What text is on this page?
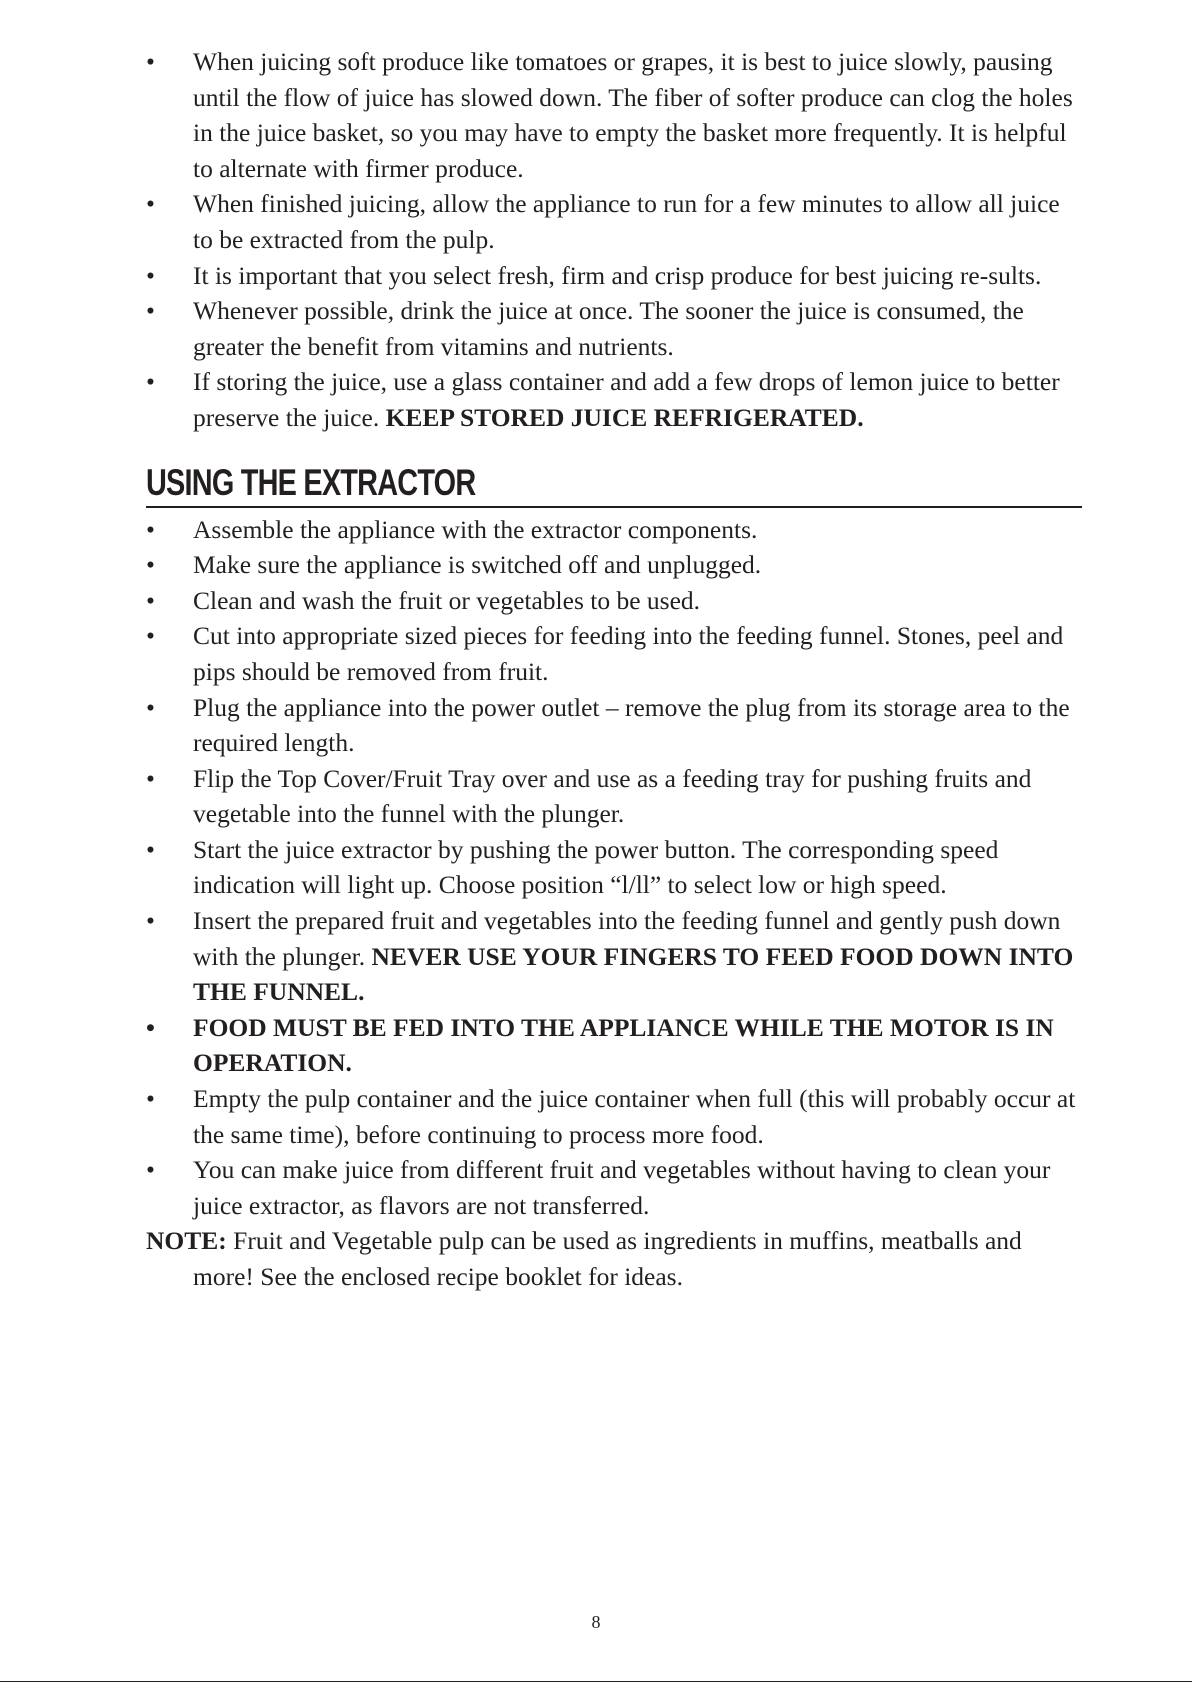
•	When juicing soft produce like tomatoes or grapes, it is best to juice slowly, pausing until the flow of juice has slowed down. The fiber of softer produce can clog the holes in the juice basket, so you may have to empty the basket more frequently. It is helpful to alternate with firmer produce.
•	When finished juicing, allow the appliance to run for a few minutes to allow all juice to be extracted from the pulp.
•	It is important that you select fresh, firm and crisp produce for best juicing re-sults.
•	Whenever possible, drink the juice at once. The sooner the juice is consumed, the greater the benefit from vitamins and nutrients.
•	If storing the juice, use a glass container and add a few drops of lemon juice to better preserve the juice. KEEP STORED JUICE REFRIGERATED.
USING THE EXTRACTOR
•	Assemble the appliance with the extractor components.
•	Make sure the appliance is switched off and unplugged.
•	Clean and wash the fruit or vegetables to be used.
•	Cut into appropriate sized pieces for feeding into the feeding funnel. Stones, peel and pips should be removed from fruit.
•	Plug the appliance into the power outlet – remove the plug from its storage area to the required length.
•	Flip the Top Cover/Fruit Tray over and use as a feeding tray for pushing fruits and vegetable into the funnel with the plunger.
•	Start the juice extractor by pushing the power button. The corresponding speed indication will light up. Choose position “l/ll” to select low or high speed.
•	Insert the prepared fruit and vegetables into the feeding funnel and gently push down with the plunger. NEVER USE YOUR FINGERS TO FEED FOOD DOWN INTO THE FUNNEL.
•	FOOD MUST BE FED INTO THE APPLIANCE WHILE THE MOTOR IS IN OPERATION.
•	Empty the pulp container and the juice container when full (this will probably occur at the same time), before continuing to process more food.
•	You can make juice from different fruit and vegetables without having to clean your juice extractor, as flavors are not transferred.
NOTE: Fruit and Vegetable pulp can be used as ingredients in muffins, meatballs and more! See the enclosed recipe booklet for ideas.
8
